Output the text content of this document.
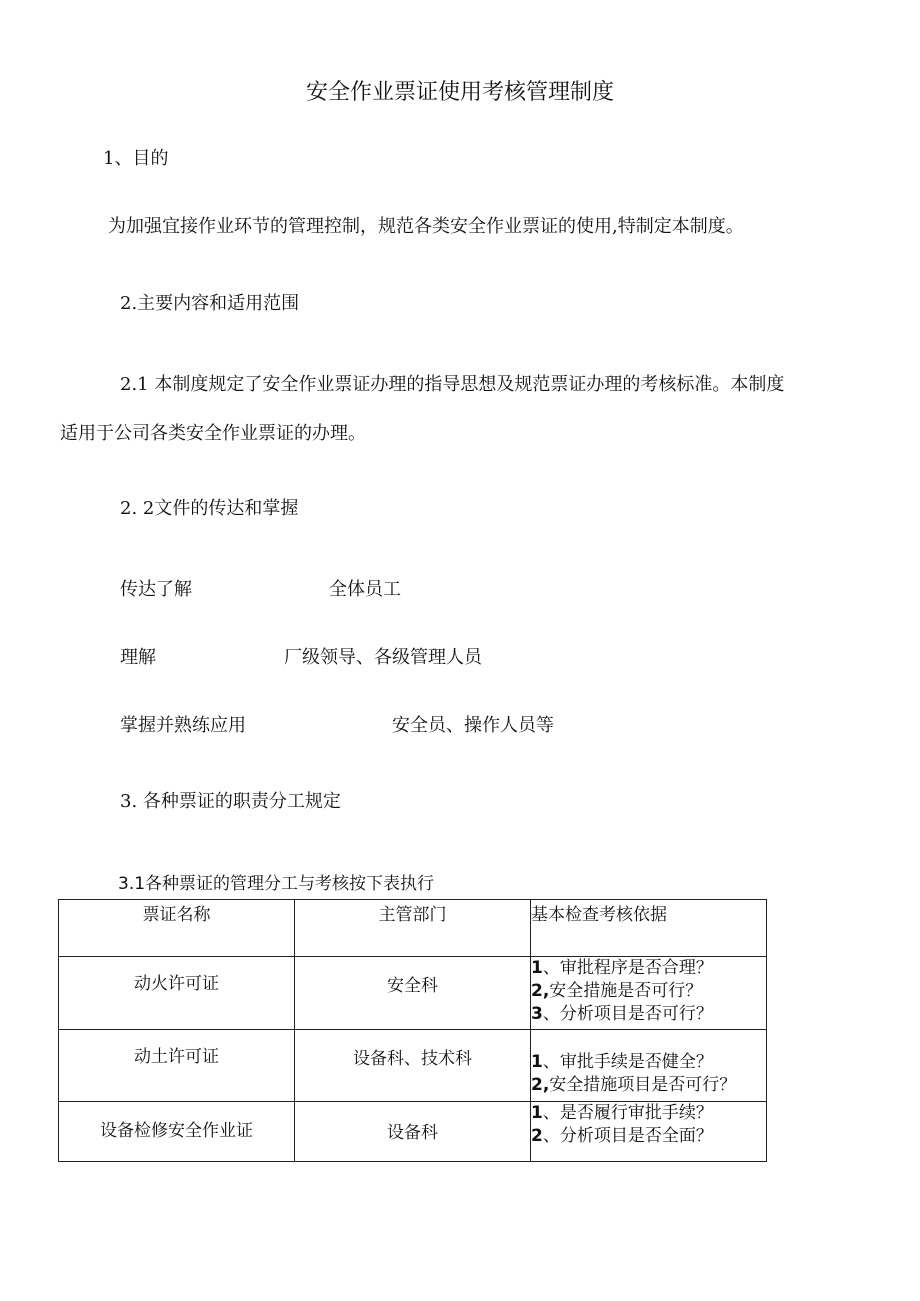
安全作业票证使用考核管理制度
1、目的
为加强宜接作业环节的管理控制，规范各类安全作业票证的使用,特制定本制度。
2.主要内容和适用范围
2.1 本制度规定了安全作业票证办理的指导思想及规范票证办理的考核标准。本制度
适用于公司各类安全作业票证的办理。
2. 2文件的传达和掌握
传达了解	全体员工
理解	厂级领导、各级管理人员
掌握并熟练应用	安全员、操作人员等
3. 各种票证的职责分工规定
3.1各种票证的管理分工与考核按下表执行
票证名称	主管部门	基本检查考核依据

动火许可证	安全科	1、审批程序是否合理？
2,安全措施是否可行？
3、分析项目是否可行？

动土许可证	设备科、技术科	1、审批手续是否健全？
2,安全措施项目是否可行？

设备检修安全作业证	设备科	1、是否履行审批手续？
2、分析项目是否全面？
